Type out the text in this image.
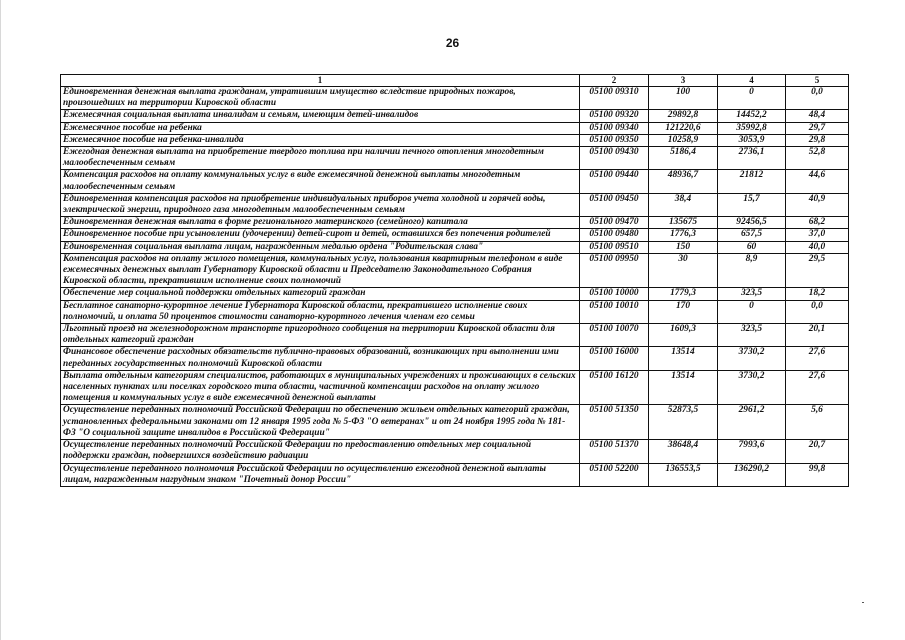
26
1	2	3	4	5
Единовременная денежная выплата гражданам, утратившим имущество вследствие природных пожаров, произошедших на территории Кировской области	05100 09310	100	0	0,0
Ежемесячная социальная выплата инвалидам и семьям, имеющим детей-инвалидов	05100 09320	29892,8	14452,2	48,4
Ежемесячное пособие на ребенка	05100 09340	121220,6	35992,8	29,7
Ежемесячное пособие на ребенка-инвалида	05100 09350	10258,9	3053,9	29,8
Ежегодная денежная выплата на приобретение твердого топлива при наличии печного отопления многодетным малообеспеченным семьям	05100 09430	5186,4	2736,1	52,8
Компенсация расходов на оплату коммунальных услуг в виде ежемесячной денежной выплаты многодетным малообеспеченным семьям	05100 09440	48936,7	21812	44,6
Единовременная компенсация расходов на приобретение индивидуальных приборов учета холодной и горячей воды, электрической энергии, природного газа многодетным малообеспеченным семьям	05100 09450	38,4	15,7	40,9
Единовременная денежная выплата в форме регионального материнского (семейного) капитала	05100 09470	135675	92456,5	68,2
Единовременное пособие при усыновлении (удочерении) детей-сирот и детей, оставшихся без попечения родителей	05100 09480	1776,3	657,5	37,0
Единовременная социальная выплата лицам, награжденным медалью ордена "Родительская слава"	05100 09510	150	60	40,0
Компенсация расходов на оплату жилого помещения, коммунальных услуг, пользования квартирным телефоном в виде ежемесячных денежных выплат Губернатору Кировской области и Председателю Законодательного Собрания Кировской области, прекратившим исполнение своих полномочий	05100 09950	30	8,9	29,5
Обеспечение мер социальной поддержки отдельных категорий граждан	05100 10000	1779,3	323,5	18,2
Бесплатное санаторно-курортное лечение Губернатора Кировской области, прекратившего исполнение своих полномочий, и оплата 50 процентов стоимости санаторно-курортного лечения членам его семьи	05100 10010	170	0	0,0
Льготный проезд на железнодорожном транспорте пригородного сообщения на территории Кировской области для отдельных категорий граждан	05100 10070	1609,3	323,5	20,1
Финансовое обеспечение расходных обязательств публично-правовых образований, возникающих при выполнении ими переданных государственных полномочий Кировской области	05100 16000	13514	3730,2	27,6
Выплата отдельным категориям специалистов, работающих в муниципальных учреждениях и проживающих в сельских населенных пунктах или поселках городского типа области, частичной компенсации расходов на оплату жилого помещения и коммунальных услуг в виде ежемесячной денежной выплаты	05100 16120	13514	3730,2	27,6
Осуществление переданных полномочий Российской Федерации по обеспечению жильем отдельных категорий граждан, установленных федеральными законами от 12 января 1995 года № 5-ФЗ "О ветеранах" и от 24 ноября 1995 года № 181-ФЗ "О социальной защите инвалидов в Российской Федерации"	05100 51350	52873,5	2961,2	5,6
Осуществление переданных полномочий Российской Федерации по предоставлению отдельных мер социальной поддержки граждан, подвергшихся воздействию радиации	05100 51370	38648,4	7993,6	20,7
Осуществление переданного полномочия Российской Федерации по осуществлению ежегодной денежной выплаты лицам, награжденным нагрудным знаком "Почетный донор России"	05100 52200	136553,5	136290,2	99,8
